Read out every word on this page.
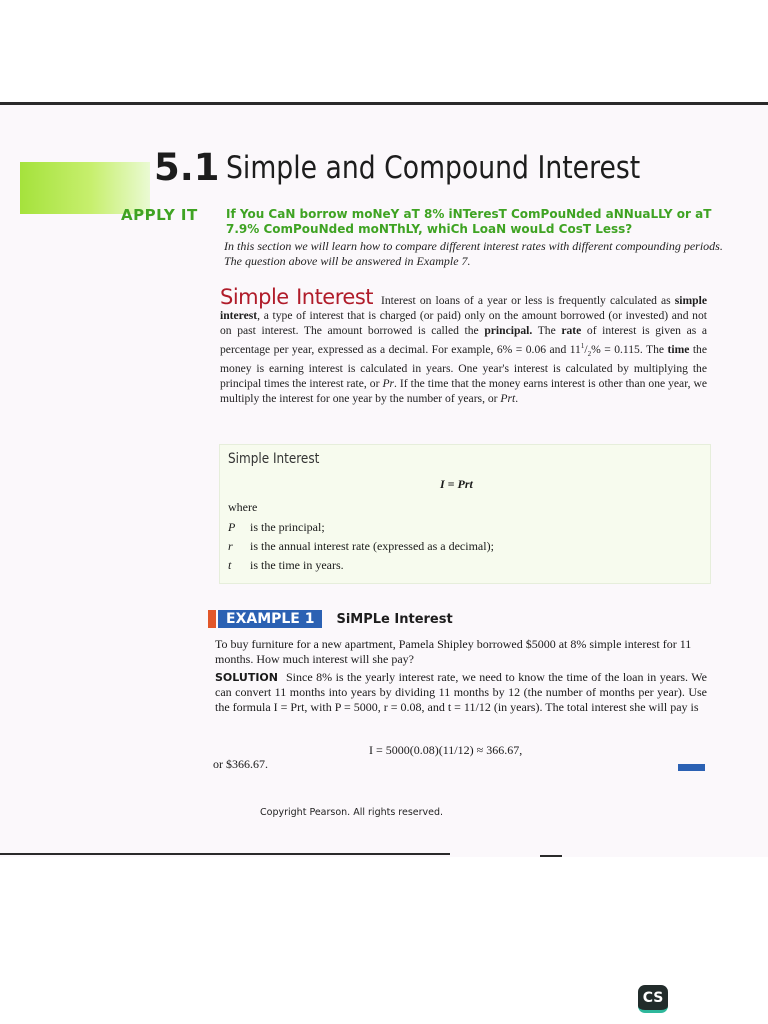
5.1 Simple and Compound Interest
APPLY IT If You CaN borrow moNeY aT 8% iNTeresT ComPouNded aNNuaLLY or aT 7.9% ComPouNded moNThLY, whiCh LoaN wouLd CosT Less?
In this section we will learn how to compare different interest rates with different compounding periods. The question above will be answered in Example 7.
Simple Interest Interest on loans of a year or less is frequently calculated as simple interest, a type of interest that is charged (or paid) only on the amount borrowed (or invested) and not on past interest. The amount borrowed is called the principal. The rate of interest is given as a percentage per year, expressed as a decimal. For example, 6% = 0.06 and $11^1/_2\% = 0.115$. The time the money is earning interest is calculated in years. One year's interest is calculated by multiplying the principal times the interest rate, or Pr. If the time that the money earns interest is other than one year, we multiply the interest for one year by the number of years, or Prt.
Simple Interest
I = Prt
where
P is the principal;
r is the annual interest rate (expressed as a decimal);
t is the time in years.
EXAMPLE 1	SiMPLe Interest
To buy furniture for a new apartment, Pamela Shipley borrowed $5000 at 8% simple interest for 11 months. How much interest will she pay?
SOLUTION Since 8% is the yearly interest rate, we need to know the time of the loan in years. We can convert 11 months into years by dividing 11 months by 12 (the number of months per year). Use the formula I = Prt, with P = 5000, r = 0.08, and t = 11/12 (in years). The total interest she will pay is
I = 5000(0.08)(11/12) ≈ 366.67,
or $366.67.
Copyright Pearson. All rights reserved.
CS
